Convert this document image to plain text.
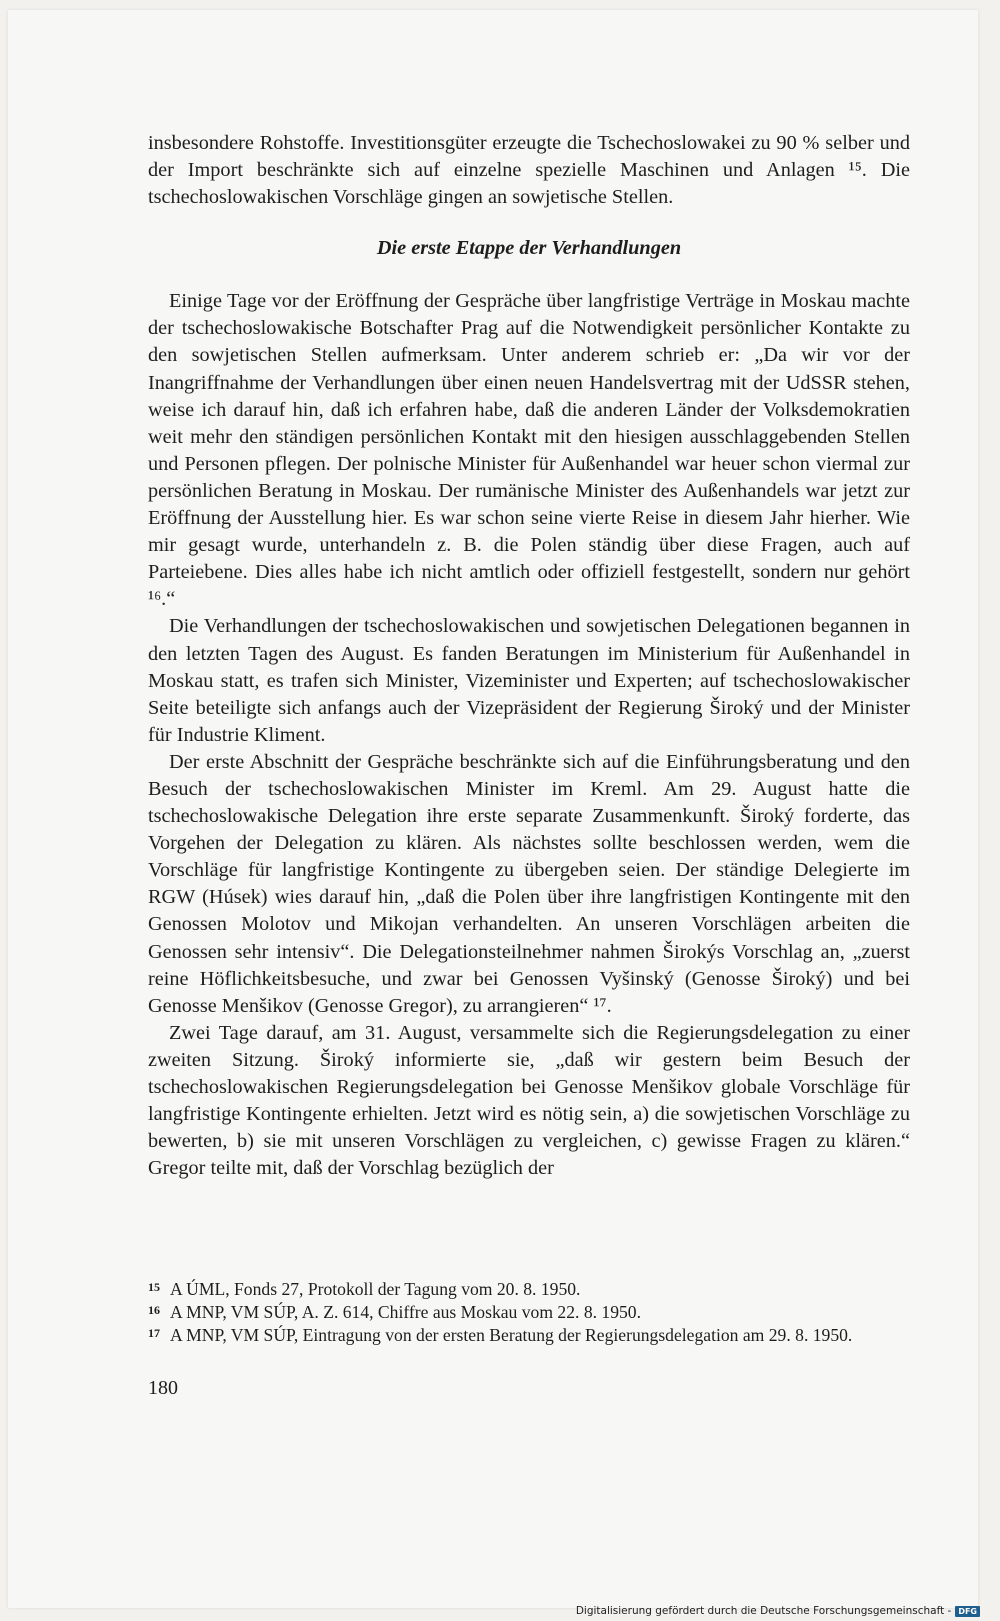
insbesondere Rohstoffe. Investitionsgüter erzeugte die Tschechoslowakei zu 90 % selber und der Import beschränkte sich auf einzelne spezielle Maschinen und Anlagen ¹⁵. Die tschechoslowakischen Vorschläge gingen an sowjetische Stellen.

Die erste Etappe der Verhandlungen

Einige Tage vor der Eröffnung der Gespräche über langfristige Verträge in Moskau machte der tschechoslowakische Botschafter Prag auf die Notwendigkeit persönlicher Kontakte zu den sowjetischen Stellen aufmerksam. Unter anderem schrieb er: „Da wir vor der Inangriffnahme der Verhandlungen über einen neuen Handelsvertrag mit der UdSSR stehen, weise ich darauf hin, daß ich erfahren habe, daß die anderen Länder der Volksdemokratien weit mehr den ständigen persönlichen Kontakt mit den hiesigen ausschlaggebenden Stellen und Personen pflegen. Der polnische Minister für Außenhandel war heuer schon viermal zur persönlichen Beratung in Moskau. Der rumänische Minister des Außenhandels war jetzt zur Eröffnung der Ausstellung hier. Es war schon seine vierte Reise in diesem Jahr hierher. Wie mir gesagt wurde, unterhandeln z. B. die Polen ständig über diese Fragen, auch auf Parteiebene. Dies alles habe ich nicht amtlich oder offiziell festgestellt, sondern nur gehört ¹⁶.“

Die Verhandlungen der tschechoslowakischen und sowjetischen Delegationen begannen in den letzten Tagen des August. Es fanden Beratungen im Ministerium für Außenhandel in Moskau statt, es trafen sich Minister, Vizeminister und Experten; auf tschechoslowakischer Seite beteiligte sich anfangs auch der Vizepräsident der Regierung Široký und der Minister für Industrie Kliment.

Der erste Abschnitt der Gespräche beschränkte sich auf die Einführungsberatung und den Besuch der tschechoslowakischen Minister im Kreml. Am 29. August hatte die tschechoslowakische Delegation ihre erste separate Zusammenkunft. Široký forderte, das Vorgehen der Delegation zu klären. Als nächstes sollte beschlossen werden, wem die Vorschläge für langfristige Kontingente zu übergeben seien. Der ständige Delegierte im RGW (Húsek) wies darauf hin, „daß die Polen über ihre langfristigen Kontingente mit den Genossen Molotov und Mikojan verhandelten. An unseren Vorschlägen arbeiten die Genossen sehr intensiv“. Die Delegationsteilnehmer nahmen Širokýs Vorschlag an, „zuerst reine Höflichkeitsbesuche, und zwar bei Genossen Vyšinský (Genosse Široký) und bei Genosse Menšikov (Genosse Gregor), zu arrangieren“ ¹⁷.

Zwei Tage darauf, am 31. August, versammelte sich die Regierungsdelegation zu einer zweiten Sitzung. Široký informierte sie, „daß wir gestern beim Besuch der tschechoslowakischen Regierungsdelegation bei Genosse Menšikov globale Vorschläge für langfristige Kontingente erhielten. Jetzt wird es nötig sein, a) die sowjetischen Vorschläge zu bewerten, b) sie mit unseren Vorschlägen zu vergleichen, c) gewisse Fragen zu klären.“ Gregor teilte mit, daß der Vorschlag bezüglich der

15 A ÚML, Fonds 27, Protokoll der Tagung vom 20. 8. 1950.
16 A MNP, VM SÚP, A. Z. 614, Chiffre aus Moskau vom 22. 8. 1950.
17 A MNP, VM SÚP, Eintragung von der ersten Beratung der Regierungsdelegation am 29. 8. 1950.
180
Digitalisierung gefördert durch die Deutsche Forschungsgemeinschaft - DFG
